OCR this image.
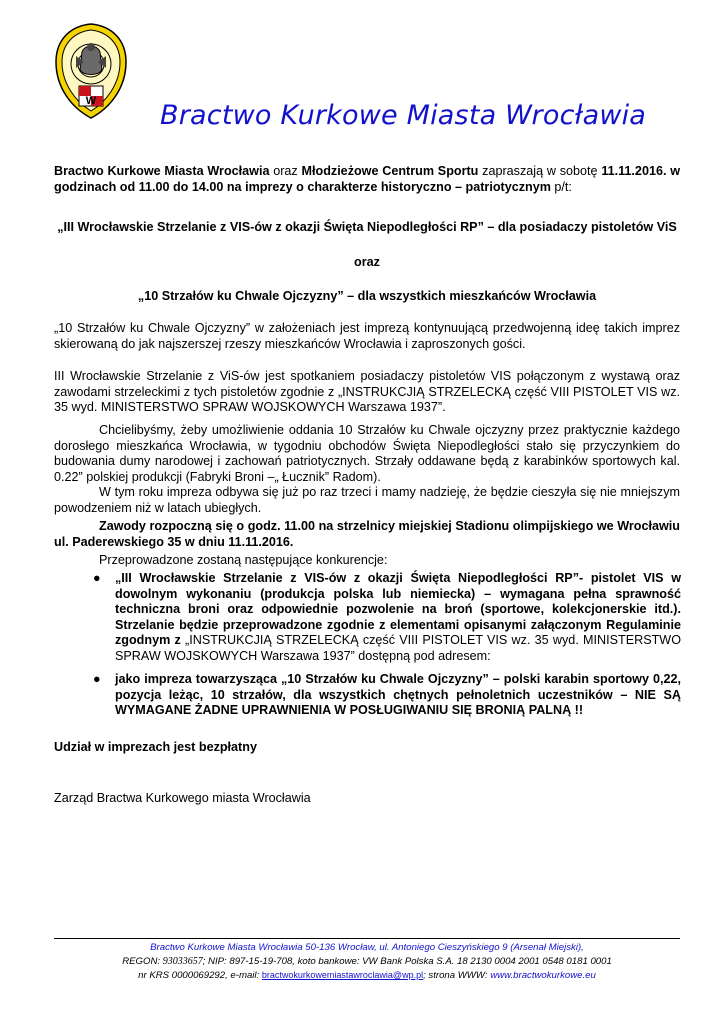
W Bractwo Kurkowe Miasta Wrocławia
Bractwo Kurkowe Miasta Wrocławia oraz Młodzieżowe Centrum Sportu zapraszają w sobotę 11.11.2016. w godzinach od 11.00 do 14.00 na imprezy o charakterze historyczno – patriotycznym p/t:
„III Wrocławskie Strzelanie z VIS-ów z okazji Święta Niepodległości RP” – dla posiadaczy pistoletów ViS
oraz
„10 Strzałów ku Chwale Ojczyzny” – dla wszystkich mieszkańców Wrocławia
„10 Strzałów ku Chwale Ojczyzny” w założeniach jest imprezą kontynuującą przedwojenną ideę takich imprez skierowaną do jak najszerszej rzeszy mieszkańców Wrocławia i zaproszonych gości.
III Wrocławskie Strzelanie z ViS-ów jest spotkaniem posiadaczy pistoletów VIS połączonym z wystawą oraz zawodami strzeleckimi z tych pistoletów zgodnie z „INSTRUKCJIĄ STRZELECKĄ część VIII PISTOLET VIS wz. 35 wyd. MINISTERSTWO SPRAW WOJSKOWYCH Warszawa 1937”.
Chcielibyśmy, żeby umożliwienie oddania 10 Strzałów ku Chwale ojczyzny przez praktycznie każdego dorosłego mieszkańca Wrocławia, w tygodniu obchodów Święta Niepodległości stało się przyczynkiem do budowania dumy narodowej i zachowań patriotycznych. Strzały oddawane będą z karabinków sportowych kal. 0.22” polskiej produkcji (Fabryki Broni –„ Łucznik” Radom).
W tym roku impreza odbywa się już po raz trzeci i mamy nadzieję, że będzie cieszyła się nie mniejszym powodzeniem niż w latach ubiegłych.
Zawody rozpoczną się o godz. 11.00 na strzelnicy miejskiej Stadionu olimpijskiego we Wrocławiu ul. Paderewskiego 35 w dniu 11.11.2016.
Przeprowadzone zostaną następujące konkurencje:
● „III Wrocławskie Strzelanie z VIS-ów z okazji Święta Niepodległości RP”- pistolet VIS w dowolnym wykonaniu (produkcja polska lub niemiecka) – wymagana pełna sprawność techniczna broni oraz odpowiednie pozwolenie na broń (sportowe, kolekcjonerskie itd.). Strzelanie będzie przeprowadzone zgodnie z elementami opisanymi załączonym Regulaminie zgodnym z „INSTRUKCJIĄ STRZELECKĄ część VIII PISTOLET VIS wz. 35 wyd. MINISTERSTWO SPRAW WOJSKOWYCH Warszawa 1937” dostępną pod adresem:
● jako impreza towarzysząca „10 Strzałów ku Chwale Ojczyzny” – polski karabin sportowy 0,22, pozycja leżąc, 10 strzałów, dla wszystkich chętnych pełnoletnich uczestników – NIE SĄ WYMAGANE ŻADNE UPRAWNIENIA W POSŁUGIWANIU SIĘ BRONIĄ PALNĄ !!
Udział w imprezach jest bezpłatny
Zarząd Bractwa Kurkowego miasta Wrocławia
Bractwo Kurkowe Miasta Wrocławia 50-136 Wrocław, ul. Antoniego Cieszyńskiego 9 (Arsenał Miejski),
REGON: 93033657; NIP: 897-15-19-708, koto bankowe: VW Bank Polska S.A. 18 2130 0004 2001 0548 0181 0001
nr KRS 0000069292, e-mail: bractwokurkowemiastawroclawia@wp.pl; strona WWW: www.bractwokurkowe.eu
